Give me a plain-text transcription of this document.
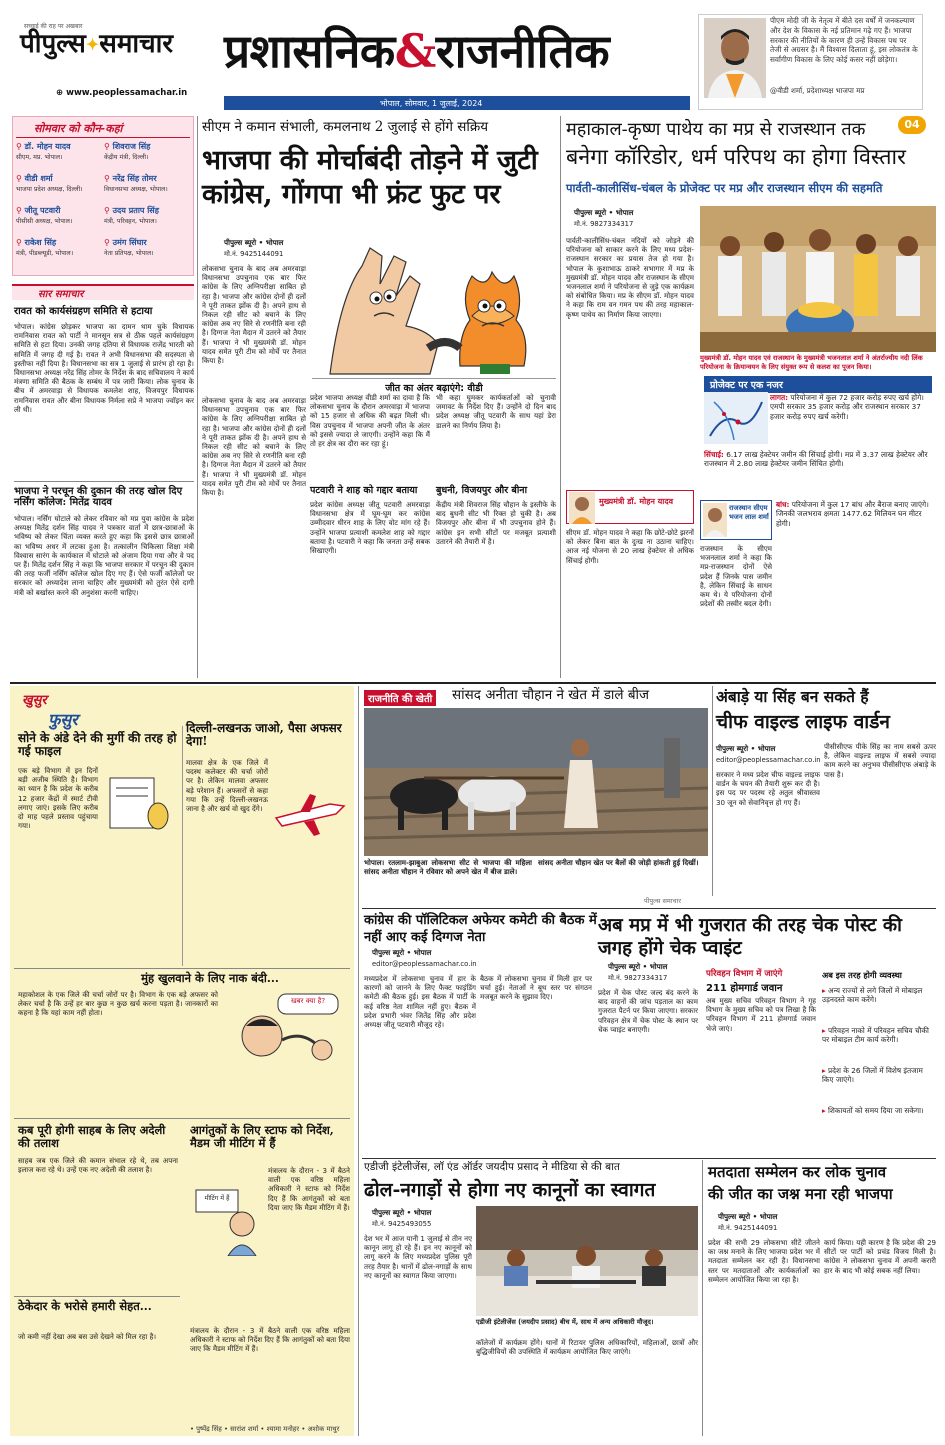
सच्चाई की राह पर अखबार
पीपुल्स✦समाचार
⊕ www.peoplessamachar.in
प्रशासनिक&राजनीतिक
भोपाल, सोमवार, 1 जुलाई, 2024
पीएम मोदी जी के नेतृत्व में बीते दस वर्षों में जनकल्याण और देश के विकास के नई प्रतिमान गढ़े गए हैं। भाजपा सरकार की नीतियों के कारण ही उन्हें विकास पथ पर तेजी से अग्रसर है। मैं विश्वास दिलाता हूं, इस लोकतंत्र के सर्वांगीण विकास के लिए कोई कसर नहीं छोड़ेगा।
@वीडी शर्मा, प्रदेशाध्यक्ष भाजपा मप्र
04
सोमवार को कौन-कहां
⚲ डॉ. मोहन यादव
सीएम, मप्र. भोपाल।
⚲ शिवराज सिंह
केंद्रीय मंत्री, दिल्ली।
⚲ वीडी शर्मा
भाजपा प्रदेश अध्यक्ष, दिल्ली।
⚲ नरेंद्र सिंह तोमर
विधानसभा अध्यक्ष, भोपाल।
⚲ जीतू पटवारी
पीसीसी अध्यक्ष, भोपाल।
⚲ उदय प्रताप सिंह
मंत्री, परिवहन, भोपाल।
⚲ राकेश सिंह
मंत्री, पीडब्ल्यूडी, भोपाल।
⚲ उमंग सिंघार
नेता प्रतिपक्ष, भोपाल।
सार समाचार
रावत को कार्यसंग्रहण समिति से हटाया
भोपाल। कांग्रेस छोड़कर भाजपा का दामन थाम चुके विधायक रामनिवास रावत को पार्टी ने मानसून सत्र से ठीक पहले कार्यसंग्रहण समिति से हटा दिया। उनकी जगह दतिया से विधायक राजेंद्र भारती को समिति में जगह दी गई है। रावत ने अभी विधानसभा की सदस्यता से इस्तीफा नहीं दिया है। विधानसभा का सत्र 1 जुलाई से प्रारंभ हो रहा है। विधानसभा अध्यक्ष नरेंद्र सिंह तोमर के निर्देश के बाद सचिवालय ने कार्य मंत्रणा समिति की बैठक के सम्बंध में पत्र जारी किया। लोक चुनाव के बीच में अमरवाड़ा से विधायक कमलेश शाह, विजयपुर विधायक रामनिवास रावत और बीना विधायक निर्मला सप्रे ने भाजपा ज्वॉइन कर ली थी।
भाजपा ने परचून की दुकान की तरह खोल दिए नर्सिंग कॉलेज: मितेंद्र यादव
भोपाल। नर्सिंग घोटाले को लेकर रविवार को मप्र युवा कांग्रेस के प्रदेश अध्यक्ष मितेंद्र दर्शन सिंह यादव ने पत्रकार वार्ता में छात्र-छात्राओं के भविष्य को लेकर चिंता व्यक्त करते हुए कहा कि इससे छात्र छात्राओं का भविष्य अधर में लटका हुआ है। तत्कालीन चिकित्सा शिक्षा मंत्री विश्वास सारंग के कार्यकाल में घोटाले को अंजाम दिया गया और वे पद पर हैं। मितेंद्र दर्शन सिंह ने कहा कि भाजपा सरकार में परचून की दुकान की तरह फर्जी नर्सिंग कॉलेज खोल दिए गए हैं। ऐसे फर्जी कॉलेजों पर सरकार को अध्यादेश लाना चाहिए और मुख्यमंत्री को तुरंत ऐसे दागी मंत्री को बर्खास्त करने की अनुशंसा करनी चाहिए।
सीएम ने कमान संभाली, कमलनाथ 2 जुलाई से होंगे सक्रिय
भाजपा की मोर्चाबंदी तोड़ने में जुटी कांग्रेस, गोंगपा भी फ्रंट फुट पर
पीपुल्स ब्यूरो • भोपाल
मो.नं. 9425144091
लोकसभा चुनाव के बाद अब अमरवाड़ा विधानसभा उपचुनाव एक बार फिर कांग्रेस के लिए अग्निपरीक्षा साबित हो रहा है। भाजपा और कांग्रेस दोनों ही दलों ने पूरी ताकत झोंक दी है। अपने हाथ से निकल रही सीट को बचाने के लिए कांग्रेस अब नए सिरे से रणनीति बना रही है। दिग्गज नेता मैदान में उतरने को तैयार हैं। भाजपा ने भी मुख्यमंत्री डॉ. मोहन यादव समेत पूरी टीम को मोर्चे पर तैनात किया है।
जीत का अंतर बढ़ाएंगे: वीडी
प्रदेश भाजपा अध्यक्ष वीडी शर्मा का दावा है कि लोकसभा चुनाव के दौरान अमरवाड़ा में भाजपा को 15 हजार से अधिक की बढ़त मिली थी। विस उपचुनाव में भाजपा अपनी जीत के अंतर को इससे ज्यादा ले जाएगी। उन्होंने कहा कि मैं तो हर क्षेत्र का दौरा कर रहा हूं।
भी कहा घुमकर कार्यकर्ताओं को चुनावी जमावट के निर्देश दिए हैं। उन्होंने दो दिन बाद प्रदेश अध्यक्ष जीतू पटवारी के साथ यहां डेरा डालने का निर्णय लिया है।
पटवारी ने शाह को गद्दार बताया
प्रदेश कांग्रेस अध्यक्ष जीतू पटवारी अमरवाड़ा विधानसभा क्षेत्र में घूम-घूम कर कांग्रेस उम्मीदवार धीरन शाह के लिए वोट मांग रहे हैं। उन्होंने भाजपा प्रत्याशी कमलेश शाह को गद्दार बताया है। पटवारी ने कहा कि जनता उन्हें सबक सिखाएगी।
बुधनी, विजयपुर और बीना
केंद्रीय मंत्री शिवराज सिंह चौहान के इस्तीफे के बाद बुधनी सीट भी रिक्त हो चुकी है। अब विजयपुर और बीना में भी उपचुनाव होने हैं। कांग्रेस इन सभी सीटों पर मजबूत प्रत्याशी उतारने की तैयारी में है।
लोकसभा चुनाव के बाद अब अमरवाड़ा विधानसभा उपचुनाव एक बार फिर कांग्रेस के लिए अग्निपरीक्षा साबित हो रहा है। भाजपा और कांग्रेस दोनों ही दलों ने पूरी ताकत झोंक दी है। अपने हाथ से निकल रही सीट को बचाने के लिए कांग्रेस अब नए सिरे से रणनीति बना रही है। दिग्गज नेता मैदान में उतरने को तैयार हैं। भाजपा ने भी मुख्यमंत्री डॉ. मोहन यादव समेत पूरी टीम को मोर्चे पर तैनात किया है।
महाकाल-कृष्ण पाथेय का मप्र से राजस्थान तक
बनेगा कॉरिडोर, धर्म परिपथ का होगा विस्तार
पार्वती-कालीसिंध-चंबल के प्रोजेक्ट पर मप्र और राजस्थान सीएम की सहमति
पीपुल्स ब्यूरो • भोपाल
मो.नं. 9827334317
पार्वती-कालीसिंध-चंबल नदियों को जोड़ने की परियोजना को साकार करने के लिए मध्य प्रदेश-राजस्थान सरकार का प्रयास तेज हो गया है। भोपाल के कुशाभाऊ ठाकरे सभागार में मप्र के मुख्यमंत्री डॉ. मोहन यादव और राजस्थान के सीएम भजनलाल शर्मा ने परियोजना से जुड़े एक कार्यक्रम को संबोधित किया। मप्र के सीएम डॉ. मोहन यादव ने कहा कि राम वन गमन पथ की तरह महाकाल-कृष्ण पाथेय का निर्माण किया जाएगा।
मुख्यमंत्री डॉ. मोहन यादव एवं राजस्थान के मुख्यमंत्री भजनलाल शर्मा ने अंतर्राज्यीय नदी लिंक परियोजना के क्रियान्वयन के लिए संयुक्त रूप से कलश का पूजन किया।
प्रोजेक्ट पर एक नजर
लागत: परियोजना में कुल 72 हजार करोड़ रुपए खर्च होंगे। एमपी सरकार 35 हजार करोड़ और राजस्थान सरकार 37 हजार करोड़ रुपए खर्च करेगी।
सिंचाई: 6.17 लाख हेक्टेयर जमीन की सिंचाई होगी। मप्र में 3.37 लाख हेक्टेयर और राजस्थान में 2.80 लाख हेक्टेयर जमीन सिंचित होगी।
मुख्यमंत्री डॉ. मोहन यादव
सीएम डॉ. मोहन यादव ने कहा कि छोटे-छोटे झरनों को लेकर बिना बात के दुःख ना उठाना चाहिए। आज नई योजना से 20 लाख हेक्टेयर से अधिक सिंचाई होगी।
बांध: परियोजना में कुल 17 बांध और बैराज बनाए जाएंगे। जिनकी जलभराव क्षमता 1477.62 मिलियन घन मीटर होगी।
राजस्थान सीएम भजन लाल शर्मा
राजस्थान के सीएम भजनलाल शर्मा ने कहा कि मप्र-राजस्थान दोनों ऐसे प्रदेश हैं जिनके पास जमीन है, लेकिन सिंचाई के साधन कम थे। ये परियोजना दोनों प्रदेशों की तस्वीर बदल देगी।
खुसुर
फुसुर
सोने के अंडे देने की मुर्गी की तरह हो गई फाइल
एक बड़े विभाग में इन दिनों बड़ी अजीब स्थिति है। विभाग का ध्यान है कि प्रदेश के करीब 12 हजार केंद्रों में स्मार्ट टीवी लगाए जाएं। इसके लिए करीब दो माह पहले प्रस्ताव पहुंचाया गया।
दिल्ली-लखनऊ जाओ, पैसा अफसर देगा!
मालवा क्षेत्र के एक जिले में पदस्थ कलेक्टर की चर्चा जोरों पर है। लेकिन मालवा अफसर बड़े परेशान हैं। अफसरों से कहा गया कि उन्हें दिल्ली-लखनऊ जाना है और खर्च वो खुद देंगे।
मुंह खुलवाने के लिए नाक बंदी...
खबर क्या है?
महाकोशल के एक जिले की चर्चा जोरों पर है। विभाग के एक बड़े अफसर को लेकर चर्चा है कि उन्हें हर बार कुछ न कुछ खर्च करना पड़ता है। जानकारों का कहना है कि यहां काम नहीं होता।
कब पूरी होगी साहब के लिए अदेली की तलाश
साहब जब एक जिले की कमान संभाल रहे थे, तब अपना इलाज करा रहे थे। उन्हें एक नए अदेली की तलाश है।
आगंतुकों के लिए स्टाफ को निर्देश, मैडम जी मीटिंग में हैं
मीटिंग में हैं
मंत्रालय के दौरान - 3 में बैठने वाली एक वरिष्ठ महिला अधिकारी ने स्टाफ को निर्देश दिए हैं कि आगंतुकों को बता दिया जाए कि मैडम मीटिंग में हैं।
ठेकेदार के भरोसे हमारी सेहत...
जो कमी नहीं देखा अब बस उसे देखने को मिल रहा है।
मंत्रालय के दौरान - 3 में बैठने वाली एक वरिष्ठ महिला अधिकारी ने स्टाफ को निर्देश दिए हैं कि आगंतुकों को बता दिया जाए कि मैडम मीटिंग में हैं।
• पुष्पेंद्र सिंह • सारांश शर्मा • श्यामा मनोहर • अशोक माथुर
राजनीति की खेती सांसद अनीता चौहान ने खेत में डाले बीज
भोपाल। रतलाम-झाबुआ लोकसभा सीट से भाजपा की महिला सांसद अनीता चौहान ने रविवार को अपने खेत में बीज डाले।
सांसद अनीता चौहान खेत पर बैलों की जोड़ी हांकती हुई दिखीं।
पीपुल्स समाचार
कांग्रेस की पॉलिटिकल अफेयर कमेटी की बैठक में नहीं आए कई दिग्गज नेता
पीपुल्स ब्यूरो • भोपाल
editor@peoplessamachar.co.in
मध्यप्रदेश में लोकसभा चुनाव में हार के कारणों को जानने के लिए फैक्ट फाइंडिंग कमेटी की बैठक हुई। इस बैठक में पार्टी के कई वरिष्ठ नेता शामिल नहीं हुए। बैठक में प्रदेश प्रभारी भंवर जितेंद्र सिंह और प्रदेश अध्यक्ष जीतू पटवारी मौजूद रहे।
बैठक में लोकसभा चुनाव में मिली हार पर चर्चा हुई। नेताओं ने बूथ स्तर पर संगठन मजबूत करने के सुझाव दिए।
अंबाड़े या सिंह बन सकते हैं
चीफ वाइल्ड लाइफ वार्डन
पीपुल्स ब्यूरो • भोपाल
editor@peoplessamachar.co.in
सरकार ने मध्य प्रदेश चीफ वाइल्ड लाइफ वार्डन के चयन की तैयारी शुरू कर दी है। इस पद पर पदस्थ रहे अतुल श्रीवास्तव 30 जून को सेवानिवृत्त हो गए हैं।
पीसीसीएफ पीके सिंह का नाम सबसे ऊपर है, लेकिन वाइल्ड लाइफ में सबसे ज्यादा काम करने का अनुभव पीसीसीएफ अंबाड़े के पास है।
अब मप्र में भी गुजरात की तरह चेक पोस्ट की जगह होंगे चेक प्वाइंट
पीपुल्स ब्यूरो • भोपाल
मो.नं. 9827334317
प्रदेश में चेक पोस्ट जल्द बंद करने के बाद वाहनों की जांच पड़ताल का काम गुजरात पैटर्न पर किया जाएगा। सरकार परिवहन क्षेत्र में चेक पोस्ट के स्थान पर चेक प्वाइंट बनाएगी।
परिवहन विभाग में जाएंगे
211 होमगार्ड जवान
अब मुख्य सचिव परिवहन विभाग ने गृह विभाग के मुख्य सचिव को पत्र लिखा है कि परिवहन विभाग में 211 होमगार्ड जवान भेजे जाएं।
अब इस तरह होगी व्यवस्था
▸ अन्य राज्यों से लगे जिलों में मोबाइल उड़नदस्ते काम करेंगे।
▸ परिवहन नाको में परिवहन सचिव चौकी पर मोबाइल टीम कार्य करेगी।
▸ प्रदेश के 26 जिलों में विशेष इंतजाम किए जाएंगे।
▸ शिकायतों को समय दिया जा सकेगा।
एडीजी इंटेलीजेंस, लॉ एंड ऑर्डर जयदीप प्रसाद ने मीडिया से की बात
ढोल-नगाड़ों से होगा नए कानूनों का स्वागत
पीपुल्स ब्यूरो • भोपाल
मो.नं. 9425493055
देश भर में आज यानी 1 जुलाई से तीन नए कानून लागू हो रहे हैं। इन नए कानूनों को लागू करने के लिए मध्यप्रदेश पुलिस पूरी तरह तैयार है। थानों में ढोल-नगाड़ों के साथ नए कानूनों का स्वागत किया जाएगा।
एडीजी इंटेलीजेंस (जयदीप प्रसाद) बीच में, साथ में अन्य अधिकारी मौजूद।
कॉलेजों में कार्यक्रम होंगे। थानों में रिटायर पुलिस अधिकारियों, महिलाओं, छात्रों और बुद्धिजीवियों की उपस्थिति में कार्यक्रम आयोजित किए जाएंगे।
मतदाता सम्मेलन कर लोक चुनाव
की जीत का जश्न मना रही भाजपा
पीपुल्स ब्यूरो • भोपाल
मो.नं. 9425144091
प्रदेश की सभी 29 लोकसभा सीटें जीतने का जश्न मनाने के लिए भाजपा प्रदेश भर में मतदाता सम्मेलन कर रही है। विधानसभा स्तर पर मतदाताओं और कार्यकर्ताओं का सम्मेलन आयोजित किया जा रहा है।
कार्य किया। यही कारण है कि प्रदेश की 29 सीटों पर पार्टी को प्रचंड विजय मिली है। कांग्रेस ने लोकसभा चुनाव में अपनी करारी हार के बाद भी कोई सबक नहीं लिया।
